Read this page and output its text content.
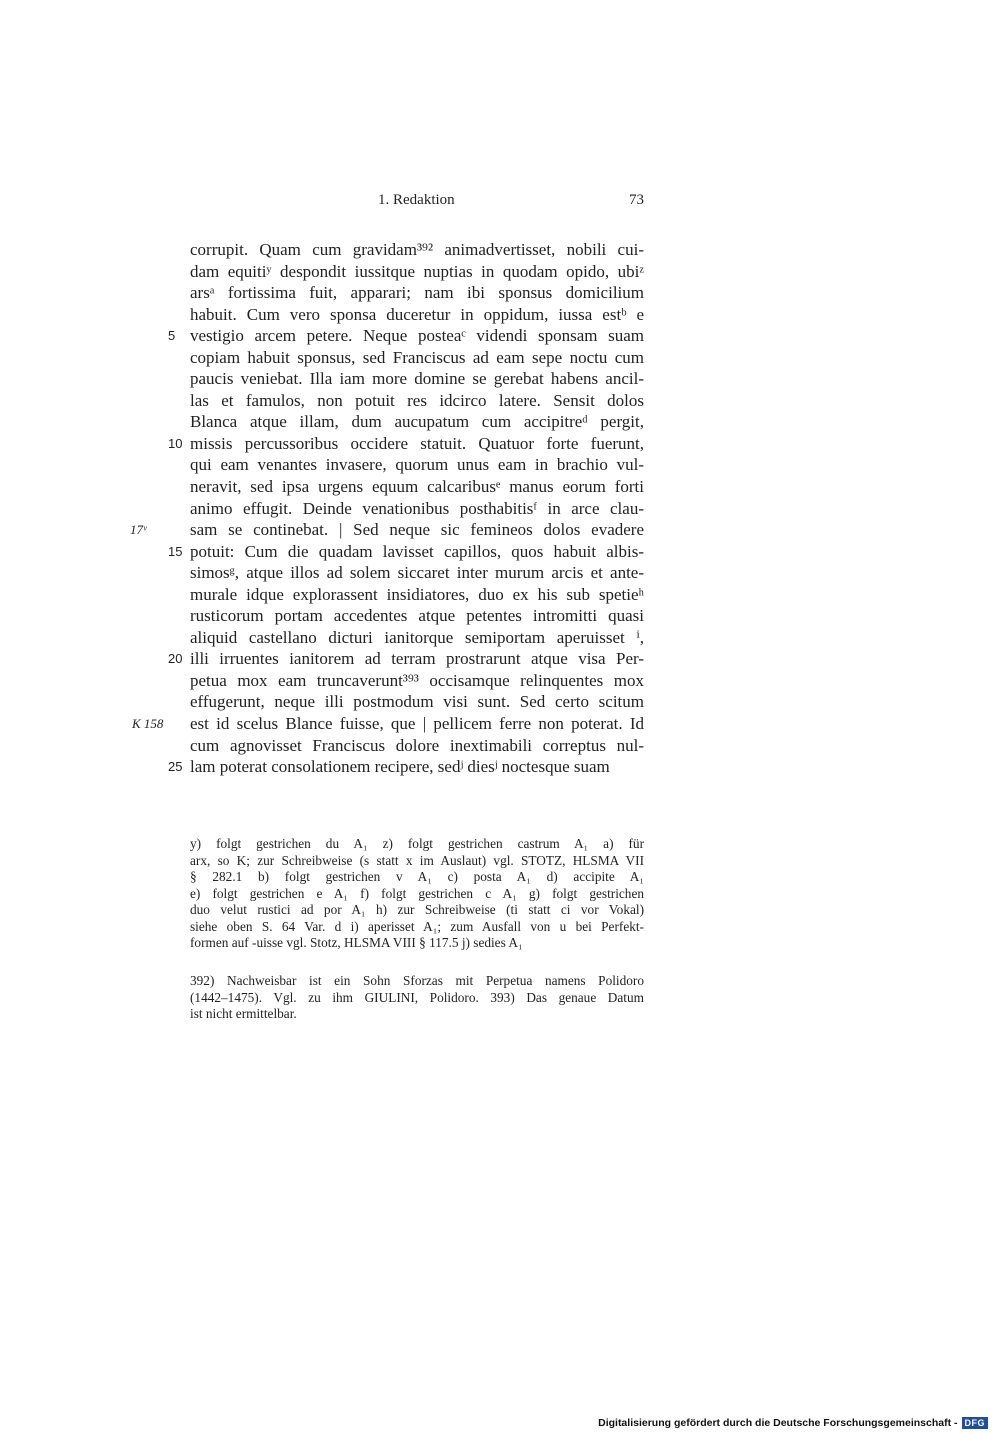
1. Redaktion	73
corrupit. Quam cum gravidam³⁹² animadvertisset, nobili cui-
dam equitiʸ despondit iussitque nuptias in quodam opido, ubiᶻ
arsᵃ fortissima fuit, apparari; nam ibi sponsus domicilium
habuit. Cum vero sponsa duceretur in oppidum, iussa estᵇ e
5 vestigio arcem petere. Neque posteaᶜ videndi sponsam suam
copiam habuit sponsus, sed Franciscus ad eam sepe noctu cum
paucis veniebat. Illa iam more domine se gerebat habens ancil-
las et famulos, non potuit res idcirco latere. Sensit dolos
Blanca atque illam, dum aucupatum cum accipitreᵈ pergit,
10 missis percussoribus occidere statuit. Quatuor forte fuerunt,
qui eam venantes invasere, quorum unus eam in brachio vul-
neravit, sed ipsa urgens equum calcaribusᵉ manus eorum forti
animo effugit. Deinde venationibus posthabitisᶠ in arce clau-
17ᵛ	sam se continebat. | Sed neque sic femineos dolos evadere
15 potuit: Cum die quadam lavisset capillos, quos habuit albis-
simosᵍ, atque illos ad solem siccaret inter murum arcis et ante-
murale idque explorassent insidiatores, duo ex his sub spetieʰ
rusticorum portam accedentes atque petentes intromitti quasi
aliquid castellano dicturi ianitorque semiportam aperuisset ⁱ,
20 illi irruentes ianitorem ad terram prostrarunt atque visa Per-
petua mox eam truncaverunt³⁹³ occisamque relinquentes mox
effugerunt, neque illi postmodum visi sunt. Sed certo scitum
K 158 est id scelus Blance fuisse, que | pellicem ferre non poterat. Id
cum agnovisset Franciscus dolore inextimabili correptus nul-
25 lam poterat consolationem recipere, sedʲ diesʲ noctesque suam
y) folgt gestrichen du A₁ z) folgt gestrichen castrum A₁ a) für
arx, so K; zur Schreibweise (s statt x im Auslaut) vgl. STOTZ, HLSMA VII
§ 282.1 b) folgt gestrichen v A₁ c) posta A₁ d) accipite A₁
e) folgt gestrichen e A₁ f) folgt gestrichen c A₁ g) folgt gestrichen
duo velut rustici ad por A₁ h) zur Schreibweise (ti statt ci vor Vokal)
siehe oben S. 64 Var. d i) aperisset A₁; zum Ausfall von u bei Perfekt-
formen auf -uisse vgl. Stotz, HLSMA VIII § 117.5 j) sedies A₁
392) Nachweisbar ist ein Sohn Sforzas mit Perpetua namens Polidoro
(1442–1475). Vgl. zu ihm GIULINI, Polidoro. 393) Das genaue Datum
ist nicht ermittelbar.
Digitalisierung gefördert durch die Deutsche Forschungsgemeinschaft - DFG
